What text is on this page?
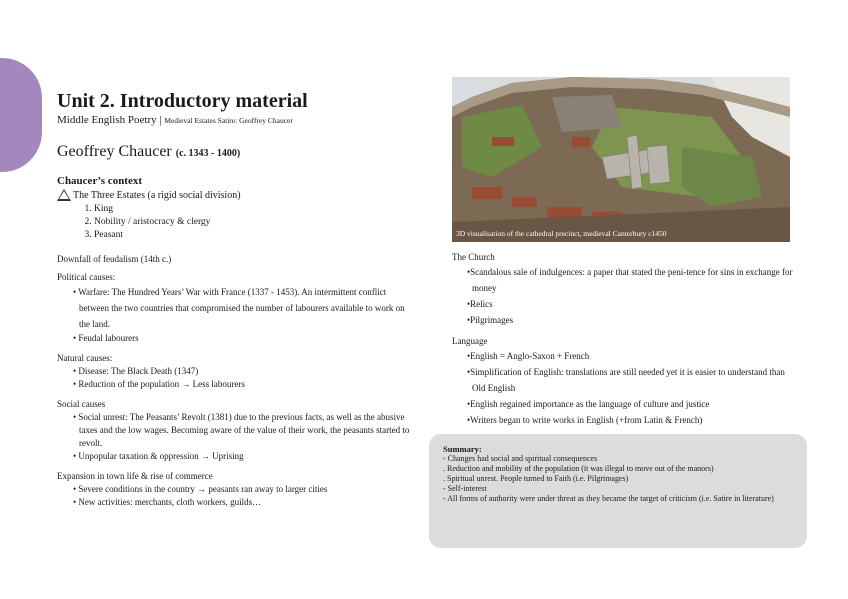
Unit 2. Introductory material
Middle English Poetry | Medieval Estates Satire: Geoffrey Chaucer
Geoffrey Chaucer (c. 1343 - 1400)
Chaucer’s context
The Three Estates (a rigid social division)
1. King
2. Nobility / aristocracy & clergy
3. Peasant
Downfall of feudalism (14th c.)
Political causes:
• Warfare: The Hundred Years’ War with France (1337 - 1453). An intermittent conflict between the two countries that compromised the number of labourers available to work on the land.
• Feudal labourers
Natural causes:
• Disease: The Black Death (1347)
• Reduction of the population → Less labourers
Social causes
• Social unrest: The Peasants’ Revolt (1381) due to the previous facts, as well as the abusive taxes and the low wages. Becoming aware of the value of their work, the peasants started to revolt.
• Unpopular taxation & oppression → Uprising
Expansion in town life & rise of commerce
• Severe conditions in the country → peasants ran away to larger cities
• New activities: merchants, cloth workers, guilds…
3D visualisation of the cathedral precinct, medieval Canterbury c1450
The Church
• Scandalous sale of indulgences: a paper that stated the peni-tence for sins in exchange for money
• Relics
• Pilgrimages
Language
• English = Anglo-Saxon + French
• Simplification of English: translations are still needed yet it is easier to understand than Old English
• English regained importance as the language of culture and justice
• Writers began to write works in English (+from Latin & French)
Summary:
- Changes had social and spiritual consequences
. Reduction and mobility of the population (it was illegal to move out of the manors)
. Spiritual unrest. People turned to Faith (i.e. Pilgrimages)
- Self-interest
- All forms of authority were under threat as they became the target of criticism (i.e. Satire in literature)
